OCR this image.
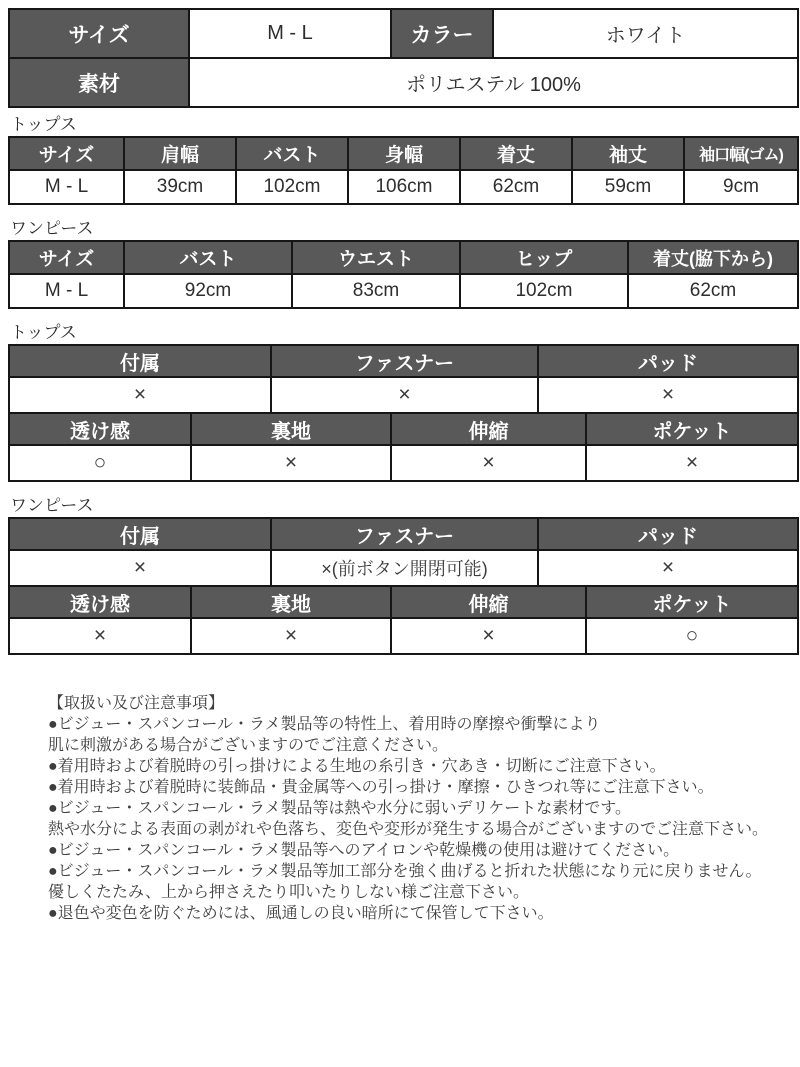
サイズ	M - L	カラー	ホワイト
素材	ポリエステル 100%		
トップス
サイズ	肩幅	バスト	身幅	着丈	袖丈	袖口幅(ゴム)
M - L	39cm	102cm	106cm	62cm	59cm	9cm
ワンピース
サイズ	バスト	ウエスト	ヒップ	着丈(脇下から)
M - L	92cm	83cm	102cm	62cm
トップス
付属	ファスナー	パッド
×	×	×
透け感	裏地	伸縮	ポケット
○	×	×	×
ワンピース
付属	ファスナー	パッド
×	×(前ボタン開閉可能)	×
透け感	裏地	伸縮	ポケット
×	×	×	○
【取扱い及び注意事項】
●ビジュー・スパンコール・ラメ製品等の特性上、着用時の摩擦や衝撃により
肌に刺激がある場合がございますのでご注意ください。
●着用時および着脱時の引っ掛けによる生地の糸引き・穴あき・切断にご注意下さい。
●着用時および着脱時に装飾品・貴金属等への引っ掛け・摩擦・ひきつれ等にご注意下さい。
●ビジュー・スパンコール・ラメ製品等は熱や水分に弱いデリケートな素材です。
熱や水分による表面の剥がれや色落ち、変色や変形が発生する場合がございますのでご注意下さい。
●ビジュー・スパンコール・ラメ製品等へのアイロンや乾燥機の使用は避けてください。
●ビジュー・スパンコール・ラメ製品等加工部分を強く曲げると折れた状態になり元に戻りません。
優しくたたみ、上から押さえたり叩いたりしない様ご注意下さい。
●退色や変色を防ぐためには、風通しの良い暗所にて保管して下さい。
